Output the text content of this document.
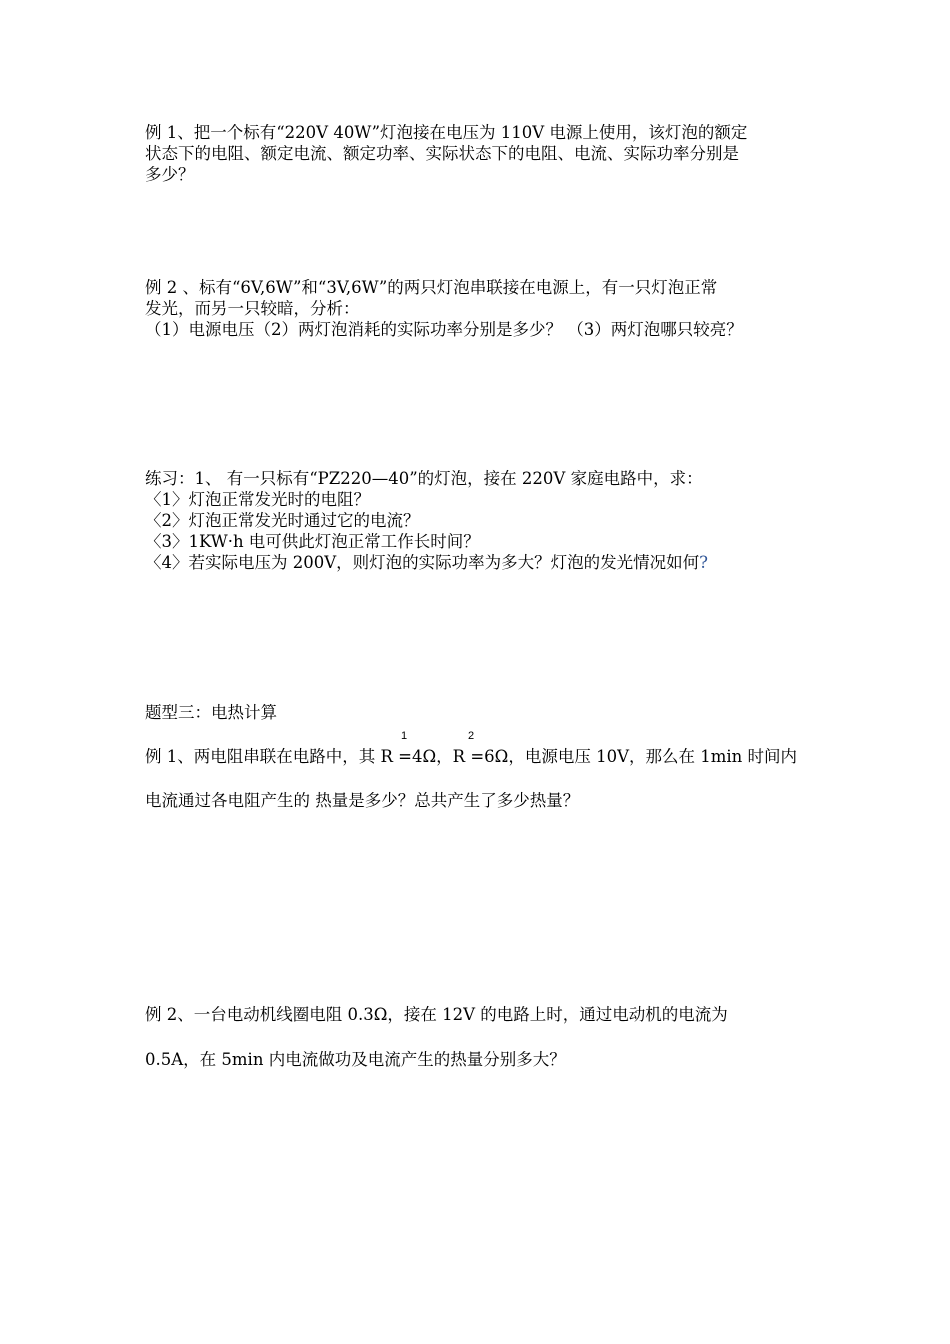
例 1、把一个标有“220V 40W”灯泡接在电压为 110V 电源上使用，该灯泡的额定
状态下的电阻、额定电流、额定功率、实际状态下的电阻、电流、实际功率分别是
多少？
例 2 、标有“6V,6W”和“3V,6W”的两只灯泡串联接在电源上，有一只灯泡正常
发光，而另一只较暗，分析：
（1）电源电压（2）两灯泡消耗的实际功率分别是多少？ （3）两灯泡哪只较亮？
练习：1、 有一只标有“PZ220—40”的灯泡，接在 220V 家庭电路中，求：
〈1〉灯泡正常发光时的电阻？
〈2〉灯泡正常发光时通过它的电流？
〈3〉1KW·h 电可供此灯泡正常工作长时间？
〈4〉若实际电压为 200V，则灯泡的实际功率为多大？灯泡的发光情况如何?
题型三：电热计算
1	2
例 1、两电阻串联在电路中，其 R =4Ω，R =6Ω，电源电压 10V，那么在 1min 时间内
电流通过各电阻产生的 热量是多少？总共产生了多少热量？
例 2、一台电动机线圈电阻 0.3Ω，接在 12V 的电路上时，通过电动机的电流为
0.5A，在 5min 内电流做功及电流产生的热量分别多大？
